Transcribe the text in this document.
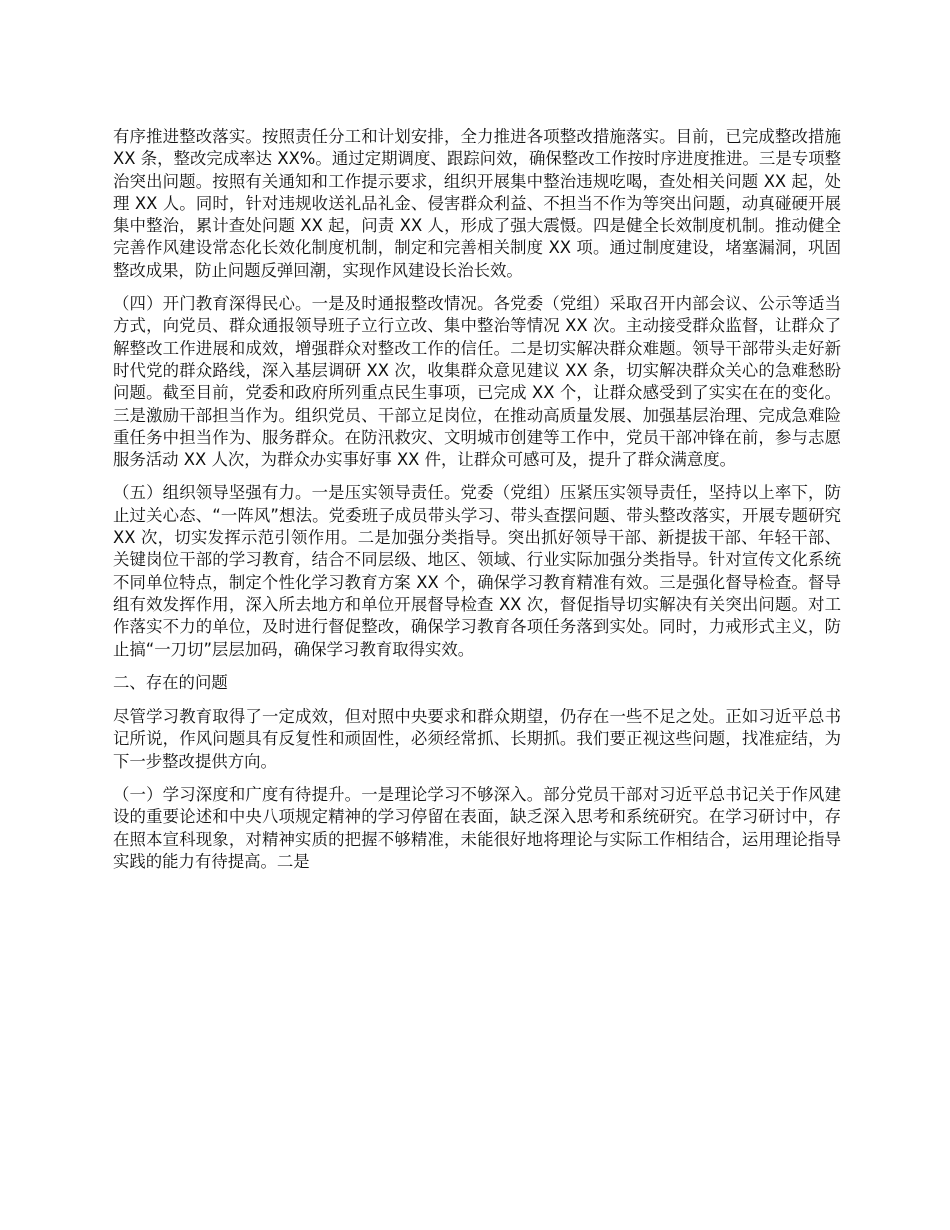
有序推进整改落实。按照责任分工和计划安排，全力推进各项整改措施落实。目前，已完成整改措施 XX 条，整改完成率达 XX%。通过定期调度、跟踪问效，确保整改工作按时序进度推进。三是专项整治突出问题。按照有关通知和工作提示要求，组织开展集中整治违规吃喝，查处相关问题 XX 起，处理 XX 人。同时，针对违规收送礼品礼金、侵害群众利益、不担当不作为等突出问题，动真碰硬开展集中整治，累计查处问题 XX 起，问责 XX 人，形成了强大震慑。四是健全长效制度机制。推动健全完善作风建设常态化长效化制度机制，制定和完善相关制度 XX 项。通过制度建设，堵塞漏洞，巩固整改成果，防止问题反弹回潮，实现作风建设长治长效。

（四）开门教育深得民心。一是及时通报整改情况。各党委（党组）采取召开内部会议、公示等适当方式，向党员、群众通报领导班子立行立改、集中整治等情况 XX 次。主动接受群众监督，让群众了解整改工作进展和成效，增强群众对整改工作的信任。二是切实解决群众难题。领导干部带头走好新时代党的群众路线，深入基层调研 XX 次，收集群众意见建议 XX 条，切实解决群众关心的急难愁盼问题。截至目前，党委和政府所列重点民生事项，已完成 XX 个，让群众感受到了实实在在的变化。三是激励干部担当作为。组织党员、干部立足岗位，在推动高质量发展、加强基层治理、完成急难险重任务中担当作为、服务群众。在防汛救灾、文明城市创建等工作中，党员干部冲锋在前，参与志愿服务活动 XX 人次，为群众办实事好事 XX 件，让群众可感可及，提升了群众满意度。

（五）组织领导坚强有力。一是压实领导责任。党委（党组）压紧压实领导责任，坚持以上率下，防止过关心态、“一阵风”想法。党委班子成员带头学习、带头查摆问题、带头整改落实，开展专题研究 XX 次，切实发挥示范引领作用。二是加强分类指导。突出抓好领导干部、新提拔干部、年轻干部、关键岗位干部的学习教育，结合不同层级、地区、领域、行业实际加强分类指导。针对宣传文化系统不同单位特点，制定个性化学习教育方案 XX 个，确保学习教育精准有效。三是强化督导检查。督导组有效发挥作用，深入所去地方和单位开展督导检查 XX 次，督促指导切实解决有关突出问题。对工作落实不力的单位，及时进行督促整改，确保学习教育各项任务落到实处。同时，力戒形式主义，防止搞“一刀切”层层加码，确保学习教育取得实效。

二、存在的问题

尽管学习教育取得了一定成效，但对照中央要求和群众期望，仍存在一些不足之处。正如习近平总书记所说，作风问题具有反复性和顽固性，必须经常抓、长期抓。我们要正视这些问题，找准症结，为下一步整改提供方向。

（一）学习深度和广度有待提升。一是理论学习不够深入。部分党员干部对习近平总书记关于作风建设的重要论述和中央八项规定精神的学习停留在表面，缺乏深入思考和系统研究。在学习研讨中，存在照本宣科现象，对精神实质的把握不够精准，未能很好地将理论与实际工作相结合，运用理论指导实践的能力有待提高。二是
